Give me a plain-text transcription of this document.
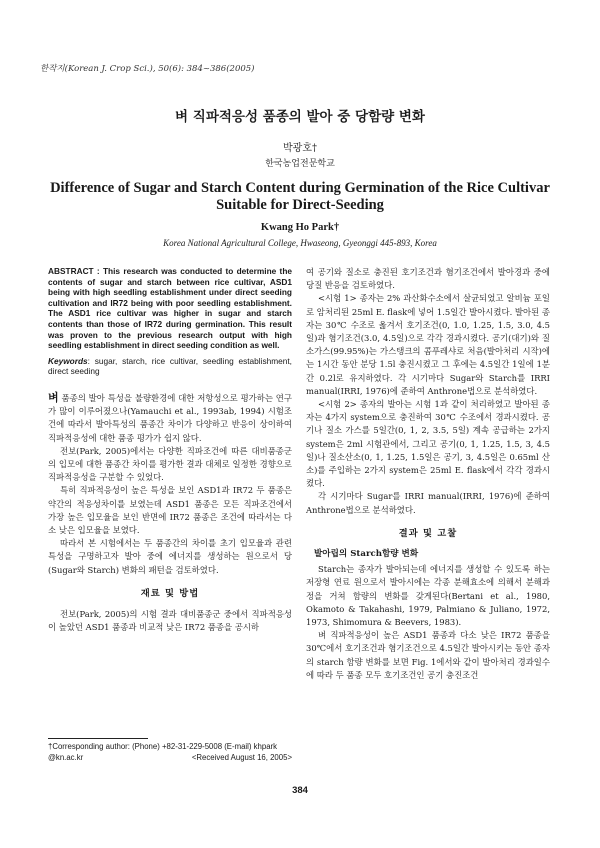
한작지(Korean J. Crop Sci.), 50(6): 384~386(2005)
벼 직파적응성 품종의 발아 중 당함량 변화
박광호†
한국농업전문학교
Difference of Sugar and Starch Content during Germination of the Rice Cultivar Suitable for Direct-Seeding
Kwang Ho Park†
Korea National Agricultural College, Hwaseong, Gyeonggi 445-893, Korea

ABSTRACT : This research was conducted to determine the contents of sugar and starch between rice cultivar, ASD1 being with high seedling establishment under direct seeding cultivation and IR72 being with poor seedling establishment. The ASD1 rice cultivar was higher in sugar and starch contents than those of IR72 during germination. This result was proven to the previous research output with high seedling establishment in direct seeding condition as well.

Keywords: sugar, starch, rice cultivar, seedling establishment, direct seeding

벼 품종의 발아 특성을 불량환경에 대한 저항성으로 평가하는 연구가 많이 이루어졌으나(Yamauchi et al., 1993ab, 1994) 시험조건에 따라서 발아특성의 품종간 차이가 다양하고 반응이 상이하여 직파적응성에 대한 품종 평가가 쉽지 않다.

전보(Park, 2005)에서는 다양한 직파조건에 따른 대비품종군의 입모에 대한 품종간 차이를 평가한 결과 대체로 일정한 경향으로 직파적응성을 구분할 수 있었다.

특히 직파적응성이 높은 특성을 보인 ASD1과 IR72 두 품종은 약간의 적응성차이를 보였는데 ASD1 품종은 모든 직파조건에서 가장 높은 입모율을 보인 반면에 IR72 품종은 조건에 따라서는 다소 낮은 입모율을 보였다.

따라서 본 시험에서는 두 품종간의 차이를 초기 입모율과 관련 특성을 구명하고자 발아 중에 에너지를 생성하는 원으로서 당(Sugar와 Starch) 변화의 패턴을 검토하였다.

재료 및 방법

전보(Park, 2005)의 시험 결과 대비품종군 중에서 직파적응성이 높았던 ASD1 품종과 비교적 낮은 IR72 품종을 공시하

여 공기와 질소로 충진된 호기조건과 혐기조건에서 발아경과 중에 당질 반응을 검토하였다.

<시험 1> 종자는 2% 과산화수소에서 살균되었고 알비늄 포일로 암처리된 25ml E. flask에 넣어 1.5일간 발아시켰다. 발아된 종자는 30℃ 수조로 옮겨서 호기조건(0, 1.0, 1.25, 1.5, 3.0, 4.5일)과 혐기조건(3.0, 4.5일)으로 각각 경과시켰다. 공기(대기)와 질소가스(99.95%)는 가스탱크의 콤푸레샤로 처음(발아처리 시작)에는 1시간 동안 분당 1.5l 충진시켰고 그 후에는 4.5일간 1일에 1분간 0.2l로 유지하였다. 각 시기마다 Sugar와 Starch를 IRRI manual(IRRI, 1976)에 준하여 Anthrone법으로 분석하였다.

<시험 2> 종자의 발아는 시험 1과 같이 처리하였고 발아된 종자는 4가지 system으로 충진하여 30℃ 수조에서 경과시켰다. 공기나 질소 가스를 5일간(0, 1, 2, 3.5, 5일) 계속 공급하는 2가지 system은 2ml 시험관에서, 그리고 공기(0, 1, 1.25, 1.5, 3, 4.5일)나 질소산소(0, 1, 1.25, 1.5일은 공기, 3, 4.5일은 0.65ml 산소)를 주입하는 2가지 system은 25ml E. flask에서 각각 경과시켰다.

각 시기마다 Sugar를 IRRI manual(IRRI, 1976)에 준하여 Anthrone법으로 분석하였다.

결과 및 고찰
발아립의 Starch함량 변화

Starch는 종자가 발아되는데 에너지를 생성할 수 있도록 하는 저장형 연료 원으로서 발아시에는 각종 분해효소에 의해서 분해과정을 거쳐 함량의 변화를 갖게된다(Bertani et al., 1980, Okamoto & Takahashi, 1979, Palmiano & Juliano, 1972, 1973, Shimomura & Beevers, 1983).

벼 직파적응성이 높은 ASD1 품종과 다소 낮은 IR72 품종을 30℃에서 호기조건과 혐기조건으로 4.5일간 발아시키는 동안 종자의 starch 함량 변화를 보면 Fig. 1에서와 같이 발아처리 경과일수에 따라 두 품종 모두 호기조건인 공기 충진조건

†Corresponding author: (Phone) +82-31-229-5008 (E-mail) khpark
@kn.ac.kr	<Received August 16, 2005>
384
